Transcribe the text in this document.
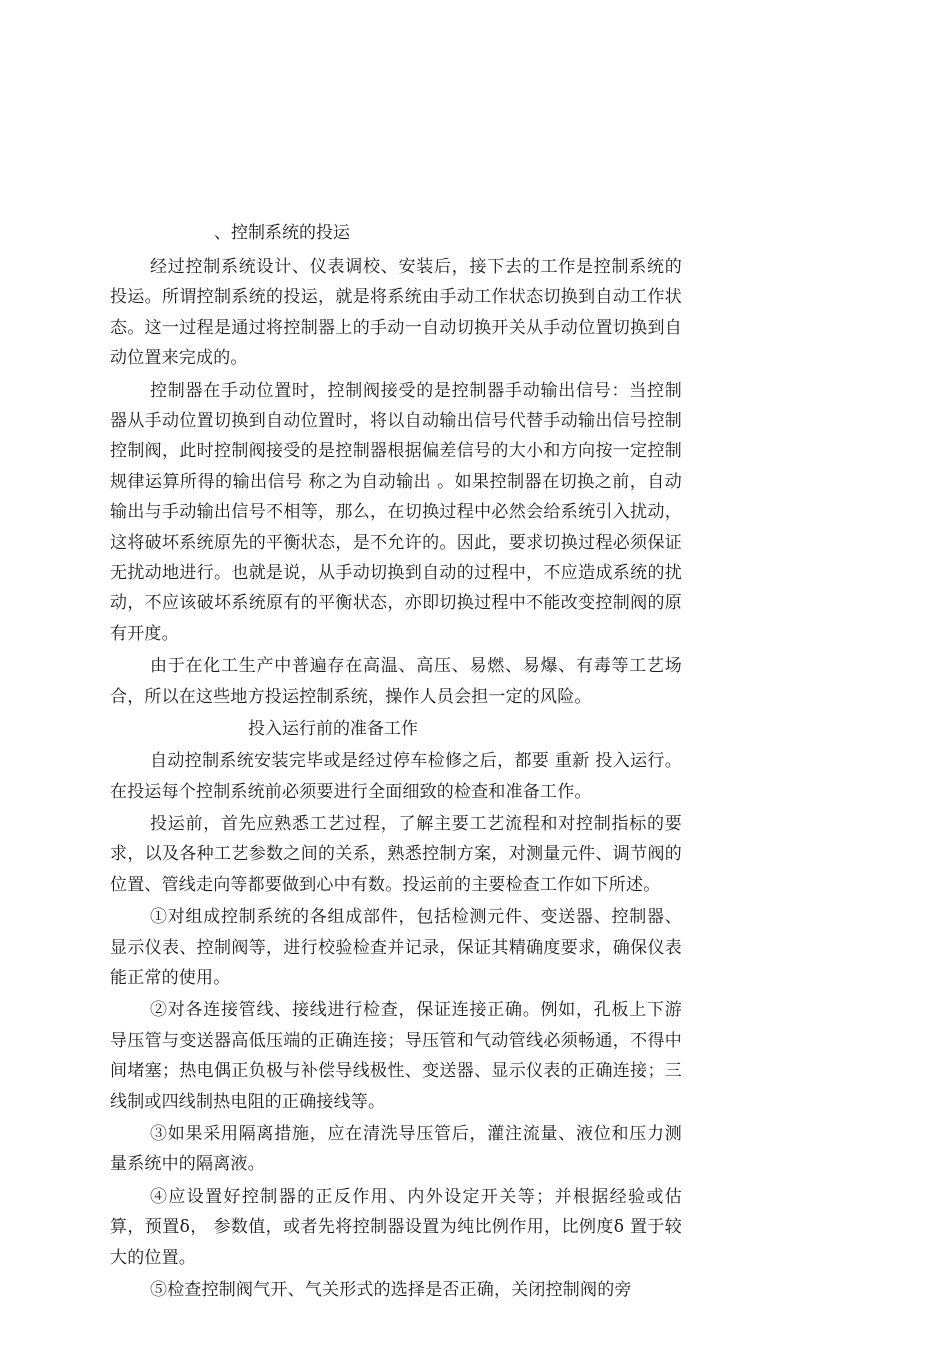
、控制系统的投运

经过控制系统设计、仪表调校、安装后，接下去的工作是控制系统的投运。所谓控制系统的投运，就是将系统由手动工作状态切换到自动工作状态。这一过程是通过将控制器上的手动一自动切换开关从手动位置切换到自动位置来完成的。

控制器在手动位置时，控制阀接受的是控制器手动输出信号：当控制器从手动位置切换到自动位置时，将以自动输出信号代替手动输出信号控制控制阀，此时控制阀接受的是控制器根据偏差信号的大小和方向按一定控制规律运算所得的输出信号 称之为自动输出 。如果控制器在切换之前，自动输出与手动输出信号不相等，那么，在切换过程中必然会给系统引入扰动，这将破坏系统原先的平衡状态，是不允许的。因此，要求切换过程必须保证无扰动地进行。也就是说，从手动切换到自动的过程中，不应造成系统的扰动，不应该破坏系统原有的平衡状态，亦即切换过程中不能改变控制阀的原有开度。

由于在化工生产中普遍存在高温、高压、易燃、易爆、有毒等工艺场合，所以在这些地方投运控制系统，操作人员会担一定的风险。

投入运行前的准备工作

自动控制系统安装完毕或是经过停车检修之后，都要 重新 投入运行。在投运每个控制系统前必须要进行全面细致的检查和准备工作。

投运前，首先应熟悉工艺过程，了解主要工艺流程和对控制指标的要求，以及各种工艺参数之间的关系，熟悉控制方案，对测量元件、调节阀的位置、管线走向等都要做到心中有数。投运前的主要检查工作如下所述。

①对组成控制系统的各组成部件，包括检测元件、变送器、控制器、显示仪表、控制阀等，进行校验检查并记录，保证其精确度要求，确保仪表能正常的使用。

②对各连接管线、接线进行检查，保证连接正确。例如，孔板上下游导压管与变送器高低压端的正确连接；导压管和气动管线必须畅通，不得中间堵塞；热电偶正负极与补偿导线极性、变送器、显示仪表的正确连接；三线制或四线制热电阻的正确接线等。

③如果采用隔离措施，应在清洗导压管后，灌注流量、液位和压力测量系统中的隔离液。

④应设置好控制器的正反作用、内外设定开关等；并根据经验或估算，预置δ， 参数值，或者先将控制器设置为纯比例作用，比例度δ 置于较大的位置。

⑤检查控制阀气开、气关形式的选择是否正确，关闭控制阀的旁
